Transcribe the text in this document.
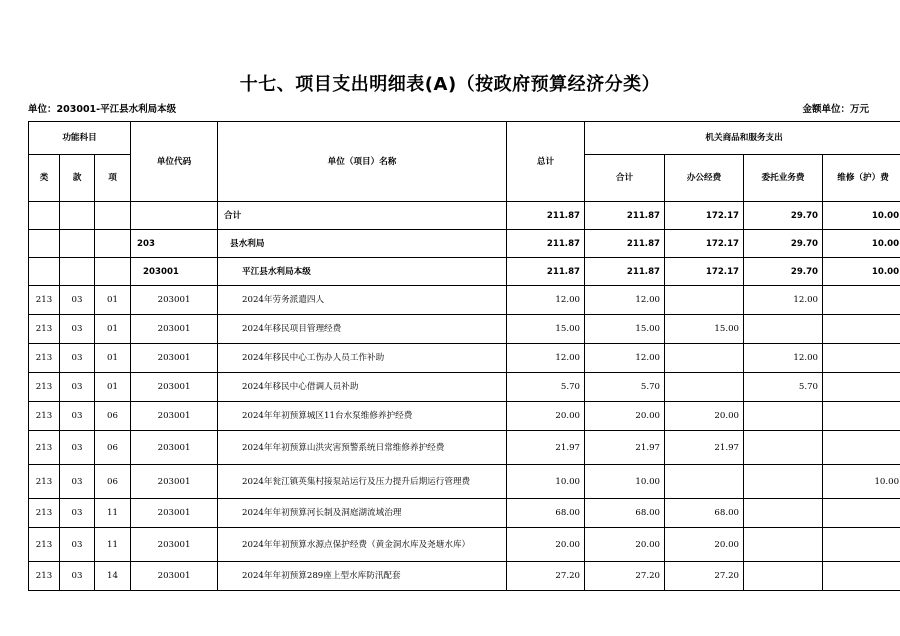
十七、项目支出明细表(A)（按政府预算经济分类）
单位：203001-平江县水利局本级	金额单位：万元
功能科目			单位代码	单位（项目）名称	总计	机关商品和服务支出			
类	款	项				合计	办公经费	委托业务费	维修（护）费
				合计	211.87	211.87	172.17	29.70	10.00
			203	县水利局	211.87	211.87	172.17	29.70	10.00
			203001	平江县水利局本级	211.87	211.87	172.17	29.70	10.00
213	03	01	203001	2024年劳务派遣四人	12.00	12.00		12.00	
213	03	01	203001	2024年移民项目管理经费	15.00	15.00	15.00		
213	03	01	203001	2024年移民中心工伤办人员工作补助	12.00	12.00		12.00	
213	03	01	203001	2024年移民中心借调人员补助	5.70	5.70		5.70	
213	03	06	203001	2024年年初预算城区11台水泵维修养护经费	20.00	20.00	20.00		
213	03	06	203001	2024年年初预算山洪灾害预警系统日常维修养护经费	21.97	21.97	21.97		
213	03	06	203001	2024年瓮江镇英集村接泵站运行及压力提升后期运行管理费	10.00	10.00			10.00
213	03	11	203001	2024年年初预算河长制及洞庭湖流域治理	68.00	68.00	68.00		
213	03	11	203001	2024年年初预算水源点保护经费（黄金洞水库及尧塘水库）	20.00	20.00	20.00		
213	03	14	203001	2024年年初预算289座上型水库防汛配套	27.20	27.20	27.20		
